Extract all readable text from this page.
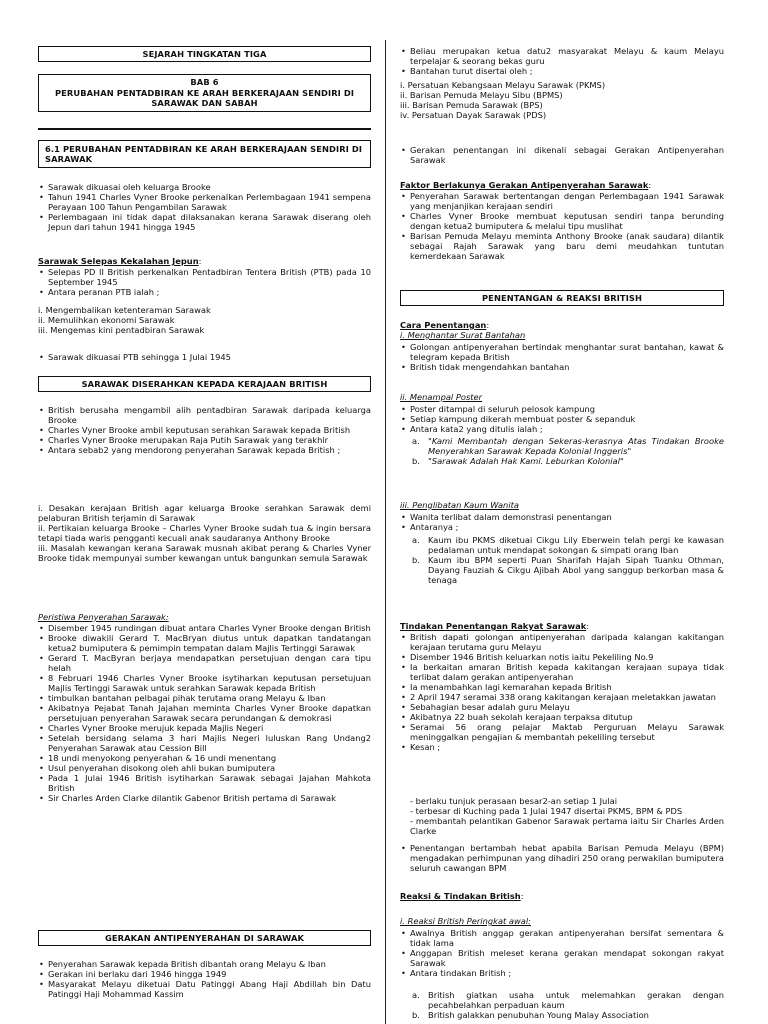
SEJARAH TINGKATAN TIGA
BAB 6
PERUBAHAN PENTADBIRAN KE ARAH BERKERAJAAN SENDIRI DI
SARAWAK DAN SABAH
6.1 PERUBAHAN PENTADBIRAN KE ARAH BERKERAJAAN SENDIRI DI SARAWAK
• Sarawak dikuasai oleh keluarga Brooke
• Tahun 1941 Charles Vyner Brooke perkenalkan Perlembagaan 1941 sempena Perayaan 100 Tahun Pengambilan Sarawak
• Perlembagaan ini tidak dapat dilaksanakan kerana Sarawak diserang oleh Jepun dari tahun 1941 hingga 1945
Sarawak Selepas Kekalahan Jepun:
• Selepas PD II British perkenalkan Pentadbiran Tentera British (PTB) pada 10 September 1945
• Antara peranan PTB ialah ;
i. Mengembalikan ketenteraman Sarawak
ii. Memulihkan ekonomi Sarawak
iii. Mengemas kini pentadbiran Sarawak
• Sarawak dikuasai PTB sehingga 1 Julai 1945
SARAWAK DISERAHKAN KEPADA KERAJAAN BRITISH
• British berusaha mengambil alih pentadbiran Sarawak daripada keluarga Brooke
• Charles Vyner Brooke ambil keputusan serahkan Sarawak kepada British
• Charles Vyner Brooke merupakan Raja Putih Sarawak yang terakhir
• Antara sebab2 yang mendorong penyerahan Sarawak kepada British ;
i. Desakan kerajaan British agar keluarga Brooke serahkan Sarawak demi pelaburan British terjamin di Sarawak
ii. Pertikaian keluarga Brooke – Charles Vyner Brooke sudah tua & ingin bersara tetapi tiada waris pengganti kecuali anak saudaranya Anthony Brooke
iii. Masalah kewangan kerana Sarawak musnah akibat perang & Charles Vyner Brooke tidak mempunyai sumber kewangan untuk bangunkan semula Sarawak
Peristiwa Penyerahan Sarawak:
• Disember 1945 rundingan dibuat antara Charles Vyner Brooke dengan British
• Brooke diwakili Gerard T. MacBryan diutus untuk dapatkan tandatangan ketua2 bumiputera & pemimpin tempatan dalam Majlis Tertinggi Sarawak
• Gerard T. MacByran berjaya mendapatkan persetujuan dengan cara tipu helah
• 8 Februari 1946 Charles Vyner Brooke isytiharkan keputusan persetujuan Majlis Tertinggi Sarawak untuk serahkan Sarawak kepada British
• timbulkan bantahan pelbagai pihak terutama orang Melayu & Iban
• Akibatnya Pejabat Tanah Jajahan meminta Charles Vyner Brooke dapatkan persetujuan penyerahan Sarawak secara perundangan & demokrasi
• Charles Vyner Brooke merujuk kepada Majlis Negeri
• Setelah bersidang selama 3 hari Majlis Negeri luluskan Rang Undang2 Penyerahan Sarawak atau Cession Bill
• 18 undi menyokong penyerahan & 16 undi menentang
• Usul penyerahan disokong oleh ahli bukan bumiputera
• Pada 1 Julai 1946 British isytiharkan Sarawak sebagai Jajahan Mahkota British
• Sir Charles Arden Clarke dilantik Gabenor British pertama di Sarawak
GERAKAN ANTIPENYERAHAN DI SARAWAK
• Penyerahan Sarawak kepada British dibantah orang Melayu & Iban
• Gerakan ini berlaku dari 1946 hingga 1949
• Masyarakat Melayu diketuai Datu Patinggi Abang Haji Abdillah bin Datu Patinggi Haji Mohammad Kassim
• Beliau merupakan ketua datu2 masyarakat Melayu & kaum Melayu terpelajar & seorang bekas guru
• Bantahan turut disertai oleh ;
i. Persatuan Kebangsaan Melayu Sarawak (PKMS)
ii. Barisan Pemuda Melayu Sibu (BPMS)
iii. Barisan Pemuda Sarawak (BPS)
iv. Persatuan Dayak Sarawak (PDS)
• Gerakan penentangan ini dikenali sebagai Gerakan Antipenyerahan Sarawak
Faktor Berlakunya Gerakan Antipenyerahan Sarawak:
• Penyerahan Sarawak bertentangan dengan Perlembagaan 1941 Sarawak yang menjanjikan kerajaan sendiri
• Charles Vyner Brooke membuat keputusan sendiri tanpa berunding dengan ketua2 bumiputera & melalui tipu muslihat
• Barisan Pemuda Melayu meminta Anthony Brooke (anak saudara) dilantik sebagai Rajah Sarawak yang baru demi meudahkan tuntutan kemerdekaan Sarawak
PENENTANGAN & REAKSI BRITISH
Cara Penentangan:
i. Menghantar Surat Bantahan
• Golongan antipenyerahan bertindak menghantar surat bantahan, kawat & telegram kepada British
• British tidak mengendahkan bantahan
ii. Menampal Poster
• Poster ditampal di seluruh pelosok kampung
• Setiap kampung dikerah membuat poster & sepanduk
• Antara kata2 yang ditulis ialah ;
a. "Kami Membantah dengan Sekeras-kerasnya Atas Tindakan Brooke Menyerahkan Sarawak Kepada Kolonial Inggeris"
b. "Sarawak Adalah Hak Kami. Leburkan Kolonial"
iii. Penglibatan Kaum Wanita
• Wanita terlibat dalam demonstrasi penentangan
• Antaranya ;
a. Kaum ibu PKMS diketuai Cikgu Lily Eberwein telah pergi ke kawasan pedalaman untuk mendapat sokongan & simpati orang Iban
b. Kaum ibu BPM seperti Puan Sharifah Hajah Sipah Tuanku Othman, Dayang Fauziah & Cikgu Ajibah Abol yang sanggup berkorban masa & tenaga
Tindakan Penentangan Rakyat Sarawak:
• British dapati golongan antipenyerahan daripada kalangan kakitangan kerajaan terutama guru Melayu
• Disember 1946 British keluarkan notis iaitu Pekeliling No.9
• Ia berkaitan amaran British kepada kakitangan kerajaan supaya tidak terlibat dalam gerakan antipenyerahan
• Ia menambahkan lagi kemarahan kepada British
• 2 April 1947 seramai 338 orang kakitangan kerajaan meletakkan jawatan
• Sebahagian besar adalah guru Melayu
• Akibatnya 22 buah sekolah kerajaan terpaksa ditutup
• Seramai 56 orang pelajar Maktab Perguruan Melayu Sarawak meninggalkan pengajian & membantah pekeliling tersebut
• Kesan ;
- berlaku tunjuk perasaan besar2-an setiap 1 Julai
- terbesar di Kuching pada 1 Julai 1947 disertai PKMS, BPM & PDS
- membantah pelantikan Gabenor Sarawak pertama iaitu Sir Charles Arden Clarke
• Penentangan bertambah hebat apabila Barisan Pemuda Melayu (BPM) mengadakan perhimpunan yang dihadiri 250 orang perwakilan bumiputera seluruh cawangan BPM
Reaksi & Tindakan British:
i. Reaksi British Peringkat awal:
• Awalnya British anggap gerakan antipenyerahan bersifat sementara & tidak lama
• Anggapan British meleset kerana gerakan mendapat sokongan rakyat Sarawak
• Antara tindakan British ;
a. British giatkan usaha untuk melemahkan gerakan dengan pecahbelahkan perpaduan kaum
b. British galakkan penubuhan Young Malay Association
